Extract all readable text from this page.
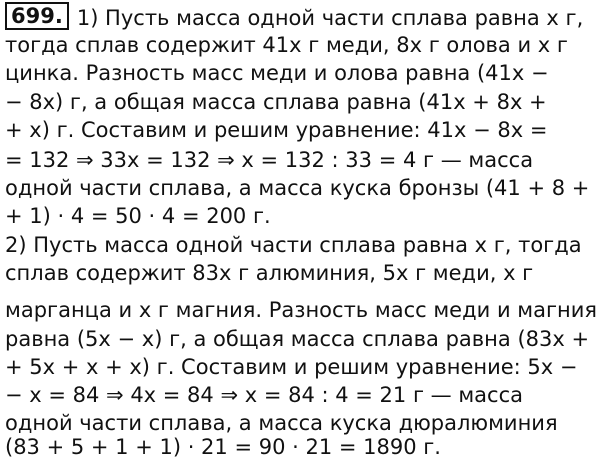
699. 1) Пусть масса одной части сплава равна x г,
тогда сплав содержит 41x г меди, 8x г олова и x г
цинка. Разность масс меди и олова равна (41x −
− 8x) г, а общая масса сплава равна (41x + 8x +
+ x) г. Составим и решим уравнение: 41x − 8x =
= 132 ⇒ 33x = 132 ⇒ x = 132 : 33 = 4 г — масса
одной части сплава, а масса куска бронзы (41 + 8 +
+ 1) · 4 = 50 · 4 = 200 г.
2) Пусть масса одной части сплава равна x г, тогда
сплав содержит 83x г алюминия, 5x г меди, x г
марганца и x г магния. Разность масс меди и магния
равна (5x − x) г, а общая масса сплава равна (83x +
+ 5x + x + x) г. Составим и решим уравнение: 5x −
− x = 84 ⇒ 4x = 84 ⇒ x = 84 : 4 = 21 г — масса
одной части сплава, а масса куска дюралюминия
(83 + 5 + 1 + 1) · 21 = 90 · 21 = 1890 г.
